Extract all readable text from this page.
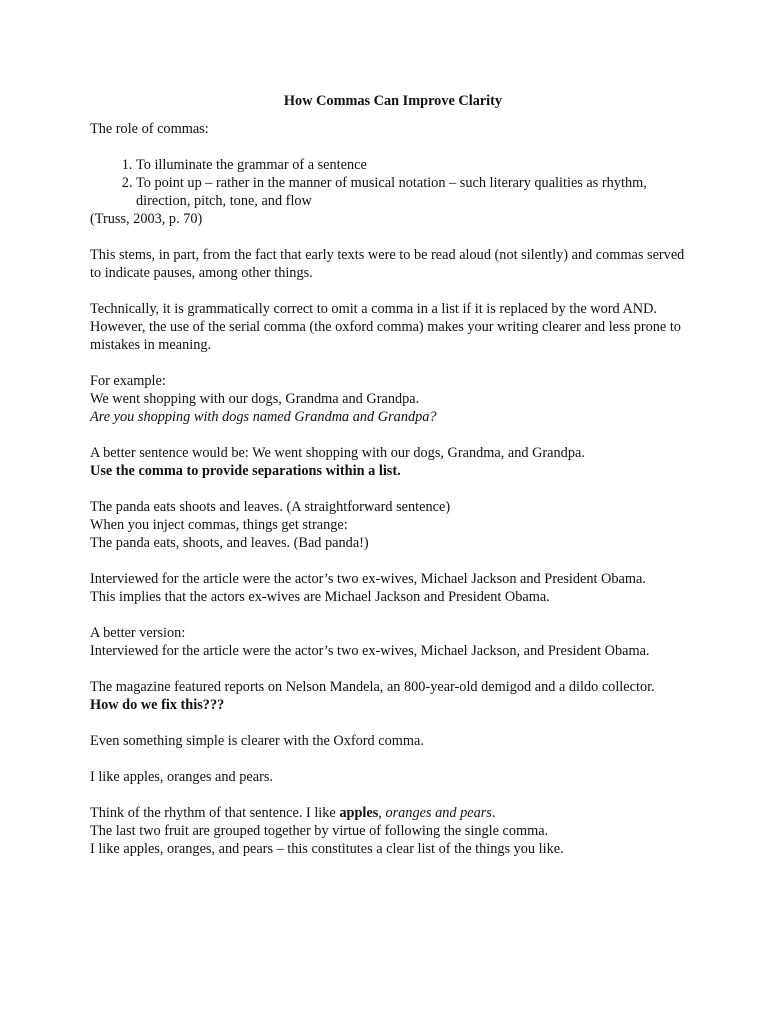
How Commas Can Improve Clarity

The role of commas:

1. To illuminate the grammar of a sentence
2. To point up – rather in the manner of musical notation – such literary qualities as rhythm, direction, pitch, tone, and flow

(Truss, 2003, p. 70)

This stems, in part, from the fact that early texts were to be read aloud (not silently) and commas served to indicate pauses, among other things.

Technically, it is grammatically correct to omit a comma in a list if it is replaced by the word AND. However, the use of the serial comma (the oxford comma) makes your writing clearer and less prone to mistakes in meaning.

For example:
We went shopping with our dogs, Grandma and Grandpa.
Are you shopping with dogs named Grandma and Grandpa?

A better sentence would be: We went shopping with our dogs, Grandma, and Grandpa.
Use the comma to provide separations within a list.

The panda eats shoots and leaves. (A straightforward sentence)
When you inject commas, things get strange:
The panda eats, shoots, and leaves. (Bad panda!)

Interviewed for the article were the actor’s two ex-wives, Michael Jackson and President Obama.
This implies that the actors ex-wives are Michael Jackson and President Obama.

A better version:
Interviewed for the article were the actor’s two ex-wives, Michael Jackson, and President Obama.

The magazine featured reports on Nelson Mandela, an 800-year-old demigod and a dildo collector.
How do we fix this???

Even something simple is clearer with the Oxford comma.

I like apples, oranges and pears.

Think of the rhythm of that sentence. I like apples, oranges and pears.
The last two fruit are grouped together by virtue of following the single comma.
I like apples, oranges, and pears – this constitutes a clear list of the things you like.
